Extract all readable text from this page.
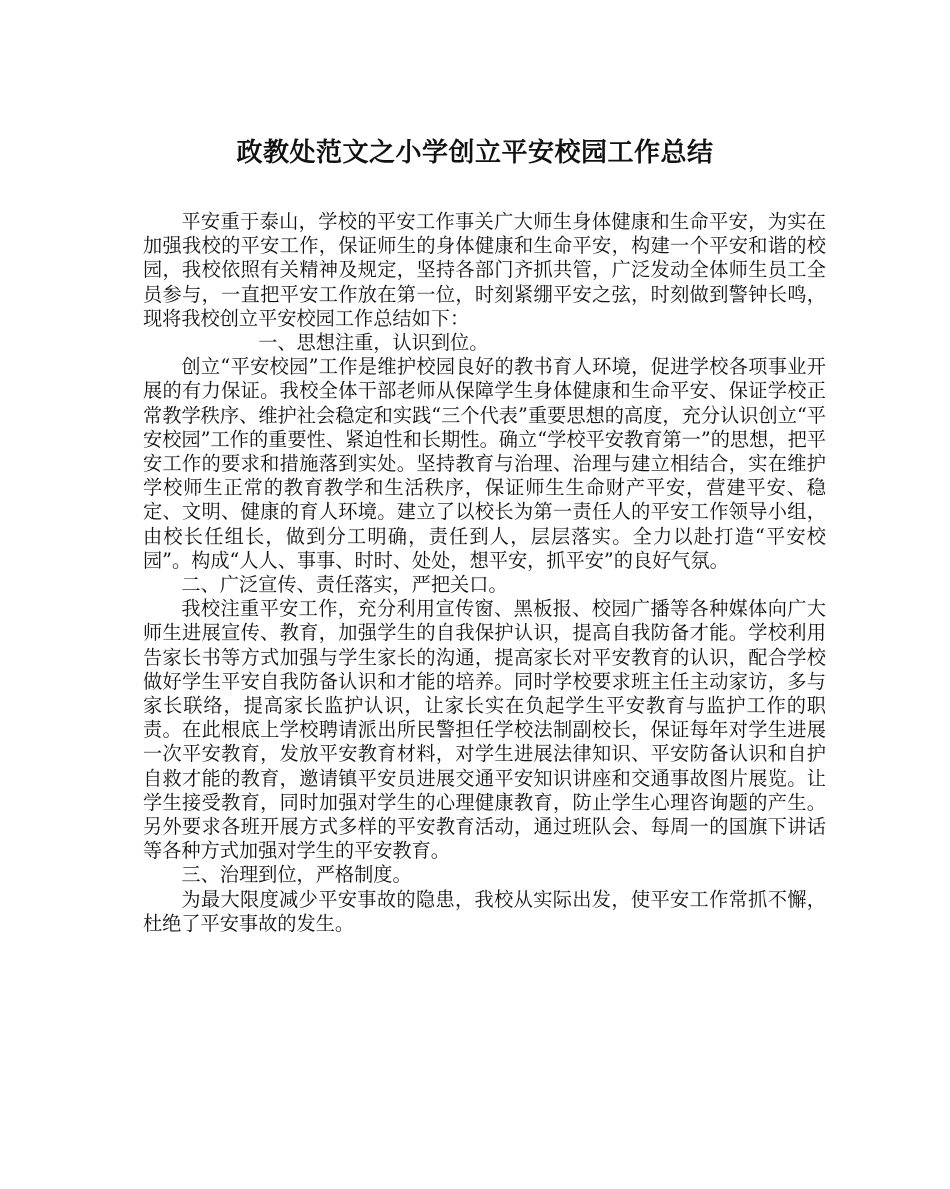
政教处范文之小学创立平安校园工作总结

平安重于泰山，学校的平安工作事关广大师生身体健康和生命平安，为实在加强我校的平安工作，保证师生的身体健康和生命平安，构建一个平安和谐的校园，我校依照有关精神及规定，坚持各部门齐抓共管，广泛发动全体师生员工全员参与，一直把平安工作放在第一位，时刻紧绷平安之弦，时刻做到警钟长鸣，现将我校创立平安校园工作总结如下：

一、思想注重，认识到位。

创立“平安校园”工作是维护校园良好的教书育人环境，促进学校各项事业开展的有力保证。我校全体干部老师从保障学生身体健康和生命平安、保证学校正常教学秩序、维护社会稳定和实践“三个代表”重要思想的高度，充分认识创立“平安校园”工作的重要性、紧迫性和长期性。确立“学校平安教育第一”的思想，把平安工作的要求和措施落到实处。坚持教育与治理、治理与建立相结合，实在维护学校师生正常的教育教学和生活秩序，保证师生生命财产平安，营建平安、稳定、文明、健康的育人环境。建立了以校长为第一责任人的平安工作领导小组，由校长任组长，做到分工明确，责任到人，层层落实。全力以赴打造“平安校园”。构成“人人、事事、时时、处处，想平安，抓平安”的良好气氛。

二、广泛宣传、责任落实，严把关口。

我校注重平安工作，充分利用宣传窗、黑板报、校园广播等各种媒体向广大师生进展宣传、教育，加强学生的自我保护认识，提高自我防备才能。学校利用告家长书等方式加强与学生家长的沟通，提高家长对平安教育的认识，配合学校做好学生平安自我防备认识和才能的培养。同时学校要求班主任主动家访，多与家长联络，提高家长监护认识，让家长实在负起学生平安教育与监护工作的职责。在此根底上学校聘请派出所民警担任学校法制副校长，保证每年对学生进展一次平安教育，发放平安教育材料，对学生进展法律知识、平安防备认识和自护自救才能的教育，邀请镇平安员进展交通平安知识讲座和交通事故图片展览。让学生接受教育，同时加强对学生的心理健康教育，防止学生心理咨询题的产生。另外要求各班开展方式多样的平安教育活动，通过班队会、每周一的国旗下讲话等各种方式加强对学生的平安教育。

三、治理到位，严格制度。

为最大限度减少平安事故的隐患，我校从实际出发，使平安工作常抓不懈，杜绝了平安事故的发生。
